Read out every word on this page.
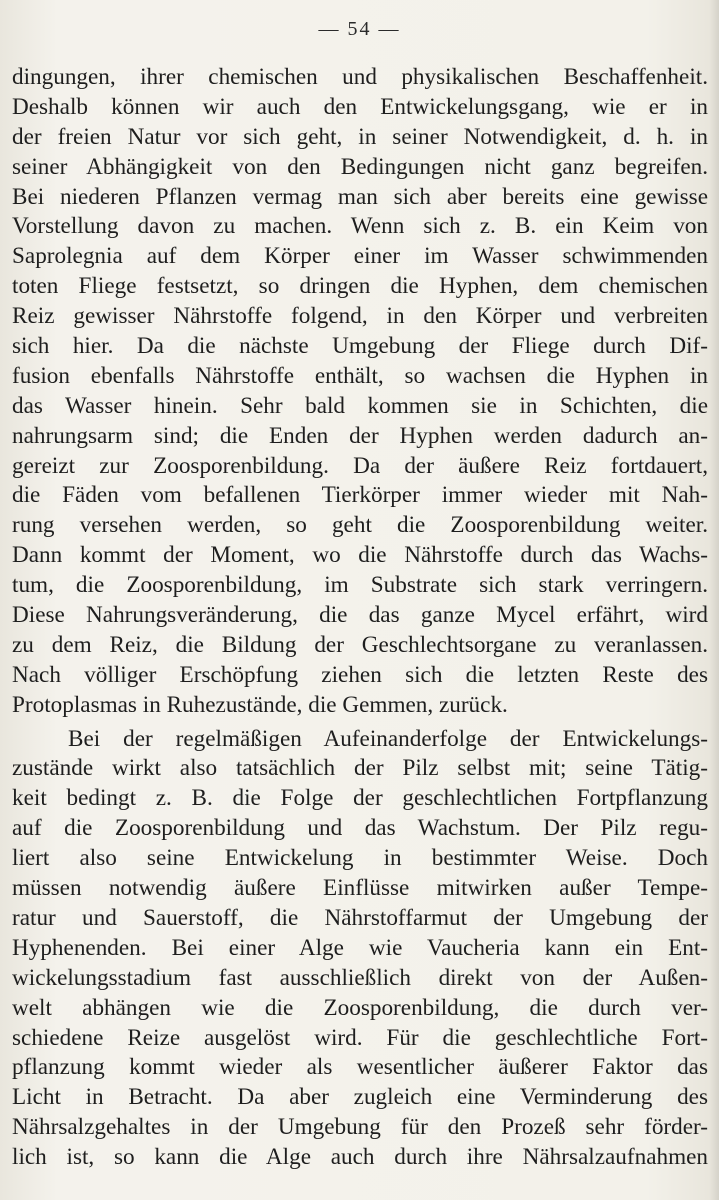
— 54 —
dingungen, ihrer chemischen und physikalischen Beschaffenheit.
Deshalb können wir auch den Entwickelungsgang, wie er in
der freien Natur vor sich geht, in seiner Notwendigkeit, d. h. in
seiner Abhängigkeit von den Bedingungen nicht ganz begreifen.
Bei niederen Pflanzen vermag man sich aber bereits eine gewisse
Vorstellung davon zu machen. Wenn sich z. B. ein Keim von
Saprolegnia auf dem Körper einer im Wasser schwimmenden
toten Fliege festsetzt, so dringen die Hyphen, dem chemischen
Reiz gewisser Nährstoffe folgend, in den Körper und verbreiten
sich hier. Da die nächste Umgebung der Fliege durch Dif-
fusion ebenfalls Nährstoffe enthält, so wachsen die Hyphen in
das Wasser hinein. Sehr bald kommen sie in Schichten, die
nahrungsarm sind; die Enden der Hyphen werden dadurch an-
gereizt zur Zoosporenbildung. Da der äußere Reiz fortdauert,
die Fäden vom befallenen Tierkörper immer wieder mit Nah-
rung versehen werden, so geht die Zoosporenbildung weiter.
Dann kommt der Moment, wo die Nährstoffe durch das Wachs-
tum, die Zoosporenbildung, im Substrate sich stark verringern.
Diese Nahrungsveränderung, die das ganze Mycel erfährt, wird
zu dem Reiz, die Bildung der Geschlechtsorgane zu veranlassen.
Nach völliger Erschöpfung ziehen sich die letzten Reste des
Protoplasmas in Ruhezustände, die Gemmen, zurück.
Bei der regelmäßigen Aufeinanderfolge der Entwickelungs-
zustände wirkt also tatsächlich der Pilz selbst mit; seine Tätig-
keit bedingt z. B. die Folge der geschlechtlichen Fortpflanzung
auf die Zoosporenbildung und das Wachstum. Der Pilz regu-
liert also seine Entwickelung in bestimmter Weise. Doch
müssen notwendig äußere Einflüsse mitwirken außer Tempe-
ratur und Sauerstoff, die Nährstoffarmut der Umgebung der
Hyphenenden. Bei einer Alge wie Vaucheria kann ein Ent-
wickelungsstadium fast ausschließlich direkt von der Außen-
welt abhängen wie die Zoosporenbildung, die durch ver-
schiedene Reize ausgelöst wird. Für die geschlechtliche Fort-
pflanzung kommt wieder als wesentlicher äußerer Faktor das
Licht in Betracht. Da aber zugleich eine Verminderung des
Nährsalzgehaltes in der Umgebung für den Prozeß sehr förder-
lich ist, so kann die Alge auch durch ihre Nährsalzaufnahmen
